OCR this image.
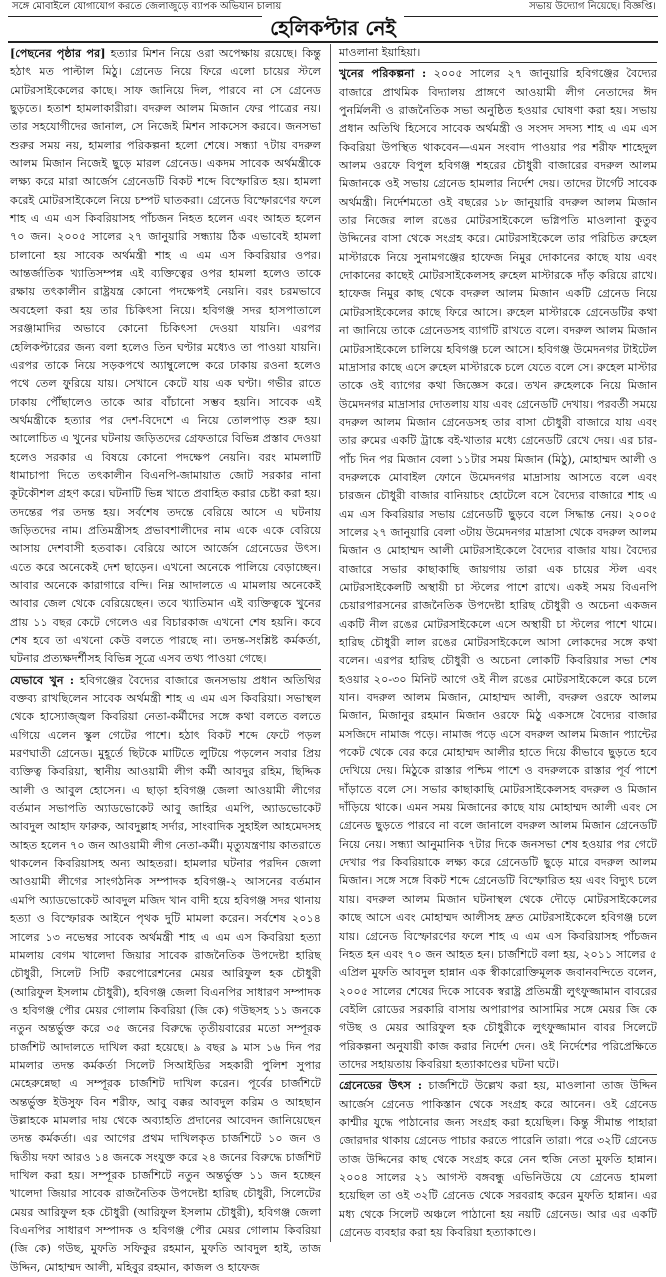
সঙ্গে মোবাইলে যোগাযোগ করতে জেলাজুড়ে ব্যাপক অভিযান চালায়	সভায় উদ্যোগ নিয়েছে। বিজ্ঞপ্তি।
হেলিকপ্টার নেই

[পেছনের পৃষ্ঠার পর] হত্যার মিশন নিয়ে ওরা অপেক্ষায় রয়েছে। কিন্তু হঠাৎ মত পাল্টাল মিঠু। গ্রেনেড নিয়ে ফিরে এলো চায়ের স্টলে মোটরসাইকেলের কাছে। সাফ জানিয়ে দিল, পারবে না সে গ্রেনেড ছুড়তে। হতাশ হামলাকারীরা। বদরুল আলম মিজান ফের পাত্রের নয়। তার সহযোগীদের জানাল, সে নিজেই মিশন সাকসেস করবে। জনসভা শুরুর সময় নয়, হামলার পরিকল্পনা হলো শেষে। সন্ধ্যা ৭টায় বদরুল আলম মিজান নিজেই ছুড়ে মারল গ্রেনেড। একদম সাবেক অর্থমন্ত্রীকে লক্ষ্য করে মারা আর্জেস গ্রেনেডটি বিকট শব্দে বিস্ফোরিত হয়। হামলা করেই মোটরসাইকেলে নিয়ে চম্পট ঘাতকরা। গ্রেনেড বিস্ফোরণের ফলে শাহ এ এম এস কিবরিয়াসহ পাঁচজন নিহত হলেন এবং আহত হলেন ৭০ জন। ২০০৫ সালের ২৭ জানুয়ারি সন্ধ্যায় ঠিক এভাবেই হামলা চালানো হয় সাবেক অর্থমন্ত্রী শাহ এ এম এস কিবরিয়ার ওপর। আন্তর্জাতিক খ্যাতিসম্পন্ন এই ব্যক্তিত্বের ওপর হামলা হলেও তাকে রক্ষায় তৎকালীন রাষ্ট্রযন্ত্র কোনো পদক্ষেপই নেয়নি। বরং চরমভাবে অবহেলা করা হয় তার চিকিৎসা নিয়ে। হবিগঞ্জ সদর হাসপাতালে সরঞ্জামাদির অভাবে কোনো চিকিৎসা দেওয়া যায়নি। এরপর হেলিকপ্টারের জন্য বলা হলেও তিন ঘণ্টার মধ্যেও তা পাওয়া যায়নি। এরপর তাকে নিয়ে সড়কপথে অ্যাম্বুলেন্সে করে ঢাকায় রওনা হলেও পথে তেল ফুরিয়ে যায়। সেখানে কেটে যায় এক ঘণ্টা। গভীর রাতে ঢাকায় পৌঁছালেও তাকে আর বাঁচানো সম্ভব হয়নি। সাবেক এই অর্থমন্ত্রীকে হত্যার পর দেশ-বিদেশে এ নিয়ে তোলপাড় শুরু হয়। আলোচিত এ খুনের ঘটনায় জড়িতদের গ্রেফতারে বিভিন্ন প্রস্তাব দেওয়া হলেও সরকার এ বিষয়ে কোনো পদক্ষেপ নেয়নি। বরং মামলাটি ধামাচাপা দিতে তৎকালীন বিএনপি-জামায়াত জোট সরকার নানা কূটকৌশল গ্রহণ করে। ঘটনাটি ভিন্ন খাতে প্রবাহিত করার চেষ্টা করা হয়। তদন্তের পর তদন্ত হয়। সর্বশেষ তদন্তে বেরিয়ে আসে এ ঘটনায় জড়িতদের নাম। প্রতিমন্ত্রীসহ প্রভাবশালীদের নাম একে একে বেরিয়ে আসায় দেশবাসী হতবাক। বেরিয়ে আসে আর্জেস গ্রেনেডের উৎস। এতে করে অনেকেই দেশ ছাড়েন। এখনো অনেকে পালিয়ে বেড়াচ্ছেন। আবার অনেকে কারাগারে বন্দি। নিম্ন আদালতে এ মামলায় অনেকেই আবার জেল থেকে বেরিয়েছেন। তবে খ্যাতিমান এই ব্যক্তিত্বকে খুনের প্রায় ১১ বছর কেটে গেলেও এর বিচারকাজ এখনো শেষ হয়নি। কবে শেষ হবে তা এখনো কেউ বলতে পারছে না। তদন্ত-সংশ্লিষ্ট কর্মকর্তা, ঘটনার প্রত্যক্ষদর্শীসহ বিভিন্ন সূত্রে এসব তথ্য পাওয়া গেছে।

যেভাবে খুন : হবিগঞ্জের বৈদ্যের বাজারে জনসভায় প্রধান অতিথির বক্তব্য রাখছিলেন সাবেক অর্থমন্ত্রী শাহ এ এম এস কিবরিয়া। সভাস্থল থেকে হাস্যোজ্জ্বল কিবরিয়া নেতা-কর্মীদের সঙ্গে কথা বলতে বলতে এগিয়ে এলেন স্কুল গেটের পাশে। হঠাৎ বিকট শব্দে ফেটে পড়ল মরণঘাতী গ্রেনেড। মুহূর্তে ছিটকে মাটিতে লুটিয়ে পড়লেন সবার প্রিয় ব্যক্তিত্ব কিবরিয়া, স্থানীয় আওয়ামী লীগ কর্মী আবদুর রহিম, ছিদ্দিক আলী ও আবুল হোসেন। এ ছাড়া হবিগঞ্জ জেলা আওয়ামী লীগের বর্তমান সভাপতি অ্যাডভোকেট আবু জাহির এমপি, অ্যাডভোকেট আবদুল আহাদ ফারুক, আবদুল্লাহ সর্দার, সাংবাদিক সুহাইল আহমেদসহ আহত হলেন ৭০ জন আওয়ামী লীগ নেতা-কর্মী। মৃত্যুযন্ত্রণায় কাতরাতে থাকলেন কিবরিয়াসহ অন্য আহতরা। হামলার ঘটনার পরদিন জেলা আওয়ামী লীগের সাংগঠনিক সম্পাদক হবিগঞ্জ-২ আসনের বর্তমান এমপি অ্যাডভোকেট আবদুল মজিদ খান বাদী হয়ে হবিগঞ্জ সদর থানায় হত্যা ও বিস্ফোরক আইনে পৃথক দুটি মামলা করেন। সর্বশেষ ২০১৪ সালের ১৩ নভেম্বর সাবেক অর্থমন্ত্রী শাহ এ এম এস কিবরিয়া হত্যা মামলায় বেগম খালেদা জিয়ার সাবেক রাজনৈতিক উপদেষ্টা হারিছ চৌধুরী, সিলেট সিটি করপোরেশনের মেয়র আরিফুল হক চৌধুরী (আরিফুল ইসলাম চৌধুরী), হবিগঞ্জ জেলা বিএনপির সাধারণ সম্পাদক ও হবিগঞ্জ পৌর মেয়র গোলাম কিবরিয়া (জি কে) গউছসহ ১১ জনকে নতুন অন্তর্ভুক্ত করে ৩৫ জনের বিরুদ্ধে তৃতীয়বারের মতো সম্পূরক চার্জশিট আদালতে দাখিল করা হয়েছে। ৯ বছর ৯ মাস ১৬ দিন পর মামলার তদন্ত কর্মকর্তা সিলেট সিআইডির সহকারী পুলিশ সুপার মেহেরুন্নেছা এ সম্পূরক চার্জশিট দাখিল করেন। পূর্বের চার্জশিটে অন্তর্ভুক্ত ইউসুফ বিন শরীফ, আবু বক্কর আবদুল করিম ও আহছান উল্লাহকে মামলার দায় থেকে অব্যাহতি প্রদানের আবেদন জানিয়েছেন তদন্ত কর্মকর্তা। এর আগের প্রথম দাখিলকৃত চার্জশিটে ১০ জন ও দ্বিতীয় দফা আরও ১৪ জনকে সংযুক্ত করে ২৪ জনের বিরুদ্ধে চার্জশিট দাখিল করা হয়। সম্পূরক চার্জশিটে নতুন অন্তর্ভুক্ত ১১ জন হচ্ছেন খালেদা জিয়ার সাবেক রাজনৈতিক উপদেষ্টা হারিছ চৌধুরী, সিলেটের মেয়র আরিফুল হক চৌধুরী (আরিফুল ইসলাম চৌধুরী), হবিগঞ্জ জেলা বিএনপির সাধারণ সম্পাদক ও হবিগঞ্জ পৌর মেয়র গোলাম কিবরিয়া (জি কে) গউছ, মুফতি সফিকুর রহমান, মুফতি আবদুল হাই, তাজ উদ্দিন, মোহাম্মদ আলী, মহিবুর রহমান, কাজল ও হাফেজ

মাওলানা ইয়াহিয়া।

খুনের পরিকল্পনা : ২০০৫ সালের ২৭ জানুয়ারি হবিগঞ্জের বৈদ্যের বাজারে প্রাথমিক বিদ্যালয় প্রাঙ্গণে আওয়ামী লীগ নেতাদের ঈদ পুনর্মিলনী ও রাজনৈতিক সভা অনুষ্ঠিত হওয়ার ঘোষণা করা হয়। সভায় প্রধান অতিথি হিসেবে সাবেক অর্থমন্ত্রী ও সংসদ সদস্য শাহ এ এম এস কিবরিয়া উপস্থিত থাকবেন—এমন সংবাদ পাওয়ার পর শরীফ শাহেদুল আলম ওরফে বিপুল হবিগঞ্জ শহরের চৌধুরী বাজারের বদরুল আলম মিজানকে ওই সভায় গ্রেনেড হামলার নির্দেশ দেয়। তাদের টার্গেট সাবেক অর্থমন্ত্রী। নির্দেশমতো ওই বছরের ১৮ জানুয়ারি বদরুল আলম মিজান তার নিজের লাল রঙের মোটরসাইকেলে ভগ্নিপতি মাওলানা কুতুব উদ্দিনের বাসা থেকে সংগ্রহ করে। মোটরসাইকেলে তার পরিচিত রুহেল মাস্টারকে নিয়ে সুনামগঞ্জের হাফেজ নিমুর দোকানের কাছে যায় এবং দোকানের কাছেই মোটরসাইকেলসহ রুহেল মাস্টারকে দাঁড় করিয়ে রাখে। হাফেজ নিমুর কাছ থেকে বদরুল আলম মিজান একটি গ্রেনেড নিয়ে মোটরসাইকেলের কাছে ফিরে আসে। রুহেল মাস্টারকে গ্রেনেডটির কথা না জানিয়ে তাকে গ্রেনেডসহ ব্যাগটি রাখতে বলে। বদরুল আলম মিজান মোটরসাইকেলে চালিয়ে হবিগঞ্জ চলে আসে। হবিগঞ্জ উমেদনগর টাইটেল মাদ্রাসার কাছে এসে রুহেল মাস্টারকে চলে যেতে বলে সে। রুহেল মাস্টার তাকে ওই ব্যাগের কথা জিজ্ঞেস করে। তখন রুহেলকে নিয়ে মিজান উমেদনগর মাদ্রাসার দোতলায় যায় এবং গ্রেনেডটি দেখায়। পরবর্তী সময়ে বদরুল আলম মিজান গ্রেনেডসহ তার বাসা চৌধুরী বাজারে যায় এবং তার রুমের একটি ট্রাঙ্কে বই-খাতার মধ্যে গ্রেনেডটি রেখে দেয়। এর চার-পাঁচ দিন পর মিজান বেলা ১১টার সময় মিজান (মিঠু), মোহাম্মদ আলী ও বদরুলকে মোবাইল ফোনে উমেদনগর মাদ্রাসায় আসতে বলে এবং চারজন চৌধুরী বাজার বানিয়াচং হোটেলে বসে বৈদ্যের বাজারে শাহ এ এম এস কিবরিয়ার সভায় গ্রেনেডটি ছুড়বে বলে সিদ্ধান্ত নেয়। ২০০৫ সালের ২৭ জানুয়ারি বেলা ৩টায় উমেদনগর মাদ্রাসা থেকে বদরুল আলম মিজান ও মোহাম্মদ আলী মোটরসাইকেলে বৈদ্যের বাজার যায়। বৈদ্যের বাজারে সভার কাছাকাছি জায়গায় তারা এক চায়ের স্টল এবং মোটরসাইকেলটি অস্থায়ী চা স্টলের পাশে রাখে। একই সময় বিএনপি চেয়ারপারসনের রাজনৈতিক উপদেষ্টা হারিছ চৌধুরী ও অচেনা একজন একটি নীল রঙের মোটরসাইকেলে এসে অস্থায়ী চা স্টলের পাশে থামে। হারিছ চৌধুরী লাল রঙের মোটরসাইকেলে আসা লোকদের সঙ্গে কথা বলেন। এরপর হারিছ চৌধুরী ও অচেনা লোকটি কিবরিয়ার সভা শেষ হওয়ার ২০-৩০ মিনিট আগে ওই নীল রঙের মোটরসাইকেলে করে চলে যান। বদরুল আলম মিজান, মোহাম্মদ আলী, বদরুল ওরফে আলম মিজান, মিজানুর রহমান মিজান ওরফে মিঠু একসঙ্গে বৈদ্যের বাজার মসজিদে নামাজ পড়ে। নামাজ পড়ে এসে বদরুল আলম মিজান প্যান্টের পকেট থেকে বের করে মোহাম্মদ আলীর হাতে দিয়ে কীভাবে ছুড়তে হবে দেখিয়ে দেয়। মিঠুকে রাস্তার পশ্চিম পাশে ও বদরুলকে রাস্তার পূর্ব পাশে দাঁড়াতে বলে সে। সভার কাছাকাছি মোটরসাইকেলসহ বদরুল ও মিজান দাঁড়িয়ে থাকে। এমন সময় মিজানের কাছে যায় মোহাম্মদ আলী এবং সে গ্রেনেড ছুড়তে পারবে না বলে জানালে বদরুল আলম মিজান গ্রেনেডটি নিয়ে নেয়। সন্ধ্যা আনুমানিক ৭টার দিকে জনসভা শেষ হওয়ার পর গেটে দেখার পর কিবরিয়াকে লক্ষ্য করে গ্রেনেডটি ছুড়ে মারে বদরুল আলম মিজান। সঙ্গে সঙ্গে বিকট শব্দে গ্রেনেডটি বিস্ফোরিত হয় এবং বিদ্যুৎ চলে যায়। বদরুল আলম মিজান ঘটনাস্থল থেকে দৌড়ে মোটরসাইকেলের কাছে আসে এবং মোহাম্মদ আলীসহ দ্রুত মোটরসাইকেলে হবিগঞ্জ চলে যায়। গ্রেনেড বিস্ফোরণের ফলে শাহ এ এম এস কিবরিয়াসহ পাঁচজন নিহত হন এবং ৭০ জন আহত হন। চার্জশিটে বলা হয়, ২০১১ সালের ৫ এপ্রিল মুফতি আবদুল হান্নান এক স্বীকারোক্তিমূলক জবানবন্দিতে বলেন, ২০০৫ সালের শেষের দিকে সাবেক স্বরাষ্ট্র প্রতিমন্ত্রী লুৎফুজ্জামান বাবরের বেইলি রোডের সরকারি বাসায় অপারাপর আসামির সঙ্গে মেয়র জি কে গউছ ও মেয়র আরিফুল হক চৌধুরীকে লুৎফুজ্জামান বাবর সিলেটে পরিকল্পনা অনুযায়ী কাজ করার নির্দেশ দেন। ওই নির্দেশের পরিপ্রেক্ষিতে তাদের সহায়তায় কিবরিয়া হত্যাকাণ্ডের ঘটনা ঘটে।

গ্রেনেডের উৎস : চার্জশিটে উল্লেখ করা হয়, মাওলানা তাজ উদ্দিন আর্জেস গ্রেনেড পাকিস্তান থেকে সংগ্রহ করে আনেন। ওই গ্রেনেড কাশ্মীর যুদ্ধে পাঠানোর জন্য সংগ্রহ করা হয়েছিল। কিন্তু সীমান্ত পাহারা জোরদার থাকায় গ্রেনেড পাচার করতে পারেনি তারা। পরে ৩২টি গ্রেনেড তাজ উদ্দিনের কাছ থেকে সংগ্রহ করে নেন হুজি নেতা মুফতি হান্নান। ২০০৪ সালের ২১ আগস্ট বঙ্গবন্ধু এভিনিউয়ে যে গ্রেনেড হামলা হয়েছিল তা ওই ৩২টি গ্রেনেড থেকে সরবরাহ করেন মুফতি হান্নান। এর মধ্য থেকে সিলেট অঞ্চলে পাঠানো হয় নয়টি গ্রেনেড। আর এর একটি গ্রেনেড ব্যবহার করা হয় কিবরিয়া হত্যাকাণ্ডে।
